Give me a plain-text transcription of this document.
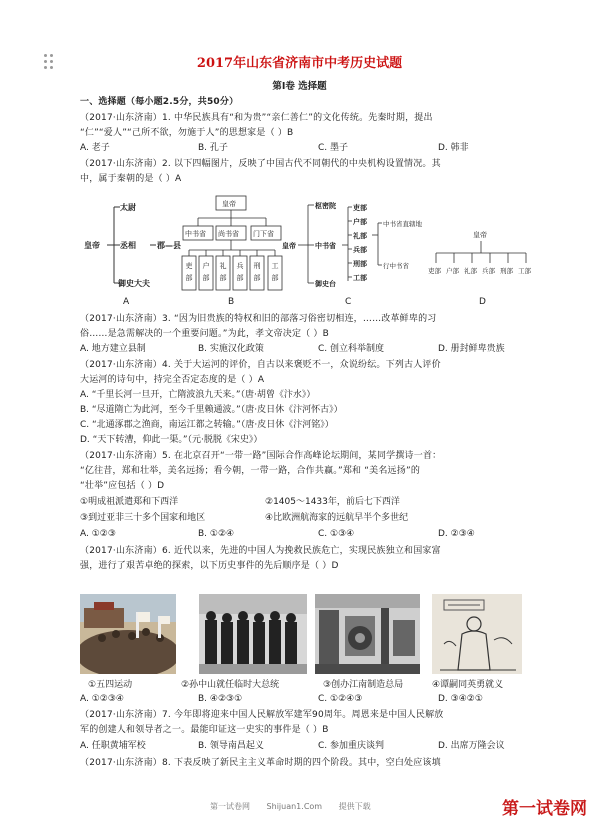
2017年山东省济南市中考历史试题
第Ⅰ卷 选择题
一、选择题（每小题2.5分，共50分）
（2017·山东济南）1. 中华民族具有“和为贵”“亲仁善仁”的文化传统。先秦时期，提出
“仁”“爱人”“己所不欲，勿施于人”的思想家是（ ）B
A. 老子	B. 孔子	C. 墨子	D. 韩非
（2017·山东济南）2. 以下四幅图片，反映了中国古代不同朝代的中央机构设置情况。其
中，属于秦朝的是（ ）A
皇帝
太尉
丞相
御史大夫
郡—县
皇帝
中书省 尚书省 门下省
吏
部
户
部
礼
部
兵
部
刑
部
工
部
皇帝
枢密院
中书省
御史台
吏部
户部
礼部
兵部
刑部
工部
中书省直辖地
行中书省
皇帝
吏部 户部 礼部 兵部 刑部 工部
A	B	C	D
（2017·山东济南）3. “因为旧贵族的特权和旧的部落习俗密切相连，……改革鲜卑的习
俗……是急需解决的一个重要问题。”为此，孝文帝决定（ ）B
A. 地方建立县制	B. 实施汉化政策	C. 创立科举制度	D. 册封鲜卑贵族
（2017·山东济南）4. 关于大运河的评价，自古以来褒贬不一，众说纷纭。下列古人评价
大运河的诗句中，持完全否定态度的是（ ）A
A. “千里长河一旦开，亡隋波浪九天来。”（唐·胡曾《汴水》）
B. “尽道隋亡为此河，至今千里赖通波。”（唐·皮日休《汴河怀古》）
C. “北通涿郡之渔商，南运江都之转输。”（唐·皮日休《汴河铭》）
D. “天下转漕，仰此一渠。”（元·脱脱《宋史》）
（2017·山东济南）5. 在北京召开“一带一路”国际合作高峰论坛期间，某同学撰诗一首：
“亿往昔，郑和壮举，美名远扬；看今朝，一带一路，合作共赢。”郑和 “美名远扬”的
“壮举”应包括（ ）D
①明成祖派遣郑和下西洋	②1405～1433年，前后七下西洋
③到过亚非三十多个国家和地区	④比欧洲航海家的远航早半个多世纪
A. ①②③	B. ①②④	C. ①③④	D. ②③④
（2017·山东济南）6. 近代以来，先进的中国人为挽救民族危亡，实现民族独立和国家富
强，进行了艰苦卓绝的探索，以下历史事件的先后顺序是（ ）D
①五四运动	②孙中山就任临时大总统	③创办江南制造总局	④谭嗣同英勇就义
A. ①②③④	B. ④②③①	C. ①②④③	D. ③④②①
（2017·山东济南）7. 今年即将迎来中国人民解放军建军90周年。周恩来是中国人民解放
军的创建人和领导者之一。最能印证这一史实的事件是（ ）B
A. 任职黄埔军校	B. 领导南昌起义	C. 参加重庆谈判	D. 出席万隆会议
（2017·山东济南）8. 下表反映了新民主主义革命时期的四个阶段。其中，空白处应该填
第一试卷网 Shijuan1.Com 提供下载	第一试卷网
